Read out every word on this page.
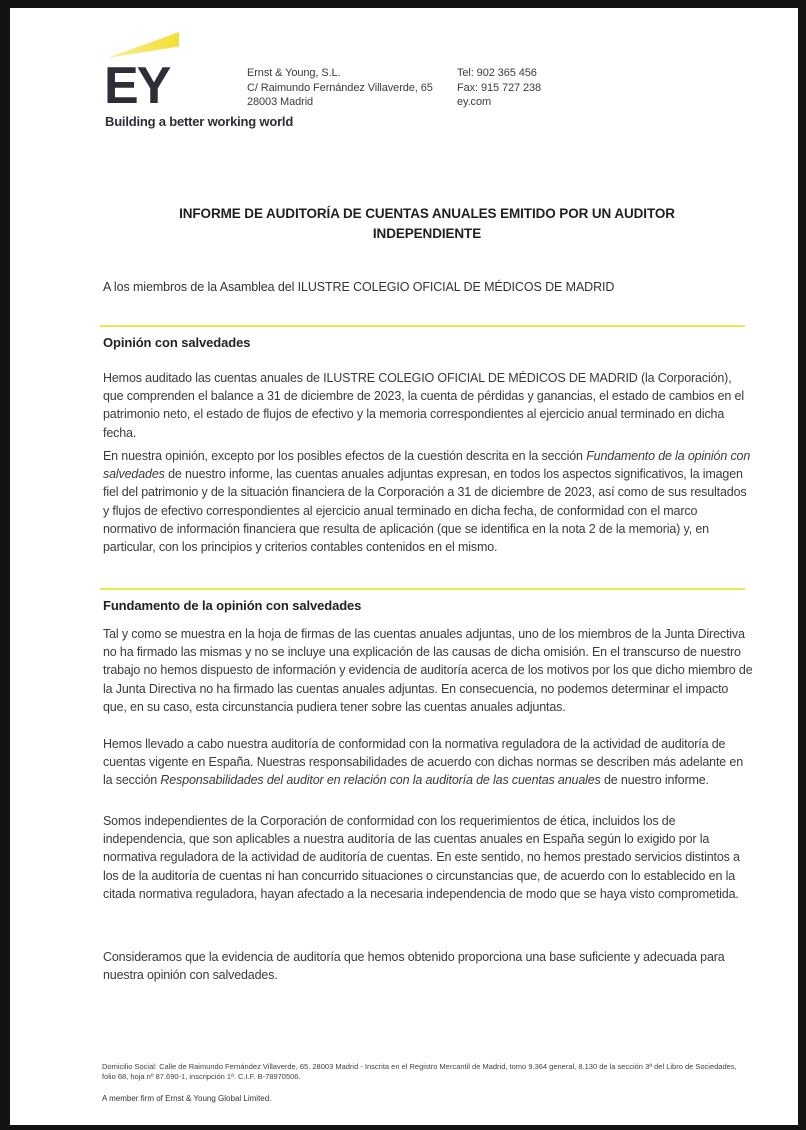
EY
Building a better working world
Ernst & Young, S.L.
C/ Raimundo Fernández Villaverde, 65
28003 Madrid
Tel: 902 365 456
Fax: 915 727 238
ey.com
INFORME DE AUDITORÍA DE CUENTAS ANUALES EMITIDO POR UN AUDITOR INDEPENDIENTE
A los miembros de la Asamblea del ILUSTRE COLEGIO OFICIAL DE MÉDICOS DE MADRID
Opinión con salvedades
Hemos auditado las cuentas anuales de ILUSTRE COLEGIO OFICIAL DE MÉDICOS DE MADRID (la Corporación), que comprenden el balance a 31 de diciembre de 2023, la cuenta de pérdidas y ganancias, el estado de cambios en el patrimonio neto, el estado de flujos de efectivo y la memoria correspondientes al ejercicio anual terminado en dicha fecha.
En nuestra opinión, excepto por los posibles efectos de la cuestión descrita en la sección Fundamento de la opinión con salvedades de nuestro informe, las cuentas anuales adjuntas expresan, en todos los aspectos significativos, la imagen fiel del patrimonio y de la situación financiera de la Corporación a 31 de diciembre de 2023, así como de sus resultados y flujos de efectivo correspondientes al ejercicio anual terminado en dicha fecha, de conformidad con el marco normativo de información financiera que resulta de aplicación (que se identifica en la nota 2 de la memoria) y, en particular, con los principios y criterios contables contenidos en el mismo.
Fundamento de la opinión con salvedades
Tal y como se muestra en la hoja de firmas de las cuentas anuales adjuntas, uno de los miembros de la Junta Directiva no ha firmado las mismas y no se incluye una explicación de las causas de dicha omisión. En el transcurso de nuestro trabajo no hemos dispuesto de información y evidencia de auditoría acerca de los motivos por los que dicho miembro de la Junta Directiva no ha firmado las cuentas anuales adjuntas. En consecuencia, no podemos determinar el impacto que, en su caso, esta circunstancia pudiera tener sobre las cuentas anuales adjuntas.
Hemos llevado a cabo nuestra auditoría de conformidad con la normativa reguladora de la actividad de auditoría de cuentas vigente en España. Nuestras responsabilidades de acuerdo con dichas normas se describen más adelante en la sección Responsabilidades del auditor en relación con la auditoría de las cuentas anuales de nuestro informe.
Somos independientes de la Corporación de conformidad con los requerimientos de ética, incluidos los de independencia, que son aplicables a nuestra auditoría de las cuentas anuales en España según lo exigido por la normativa reguladora de la actividad de auditoría de cuentas. En este sentido, no hemos prestado servicios distintos a los de la auditoría de cuentas ni han concurrido situaciones o circunstancias que, de acuerdo con lo establecido en la citada normativa reguladora, hayan afectado a la necesaria independencia de modo que se haya visto comprometida.
Consideramos que la evidencia de auditoría que hemos obtenido proporciona una base suficiente y adecuada para nuestra opinión con salvedades.
Domicilio Social: Calle de Raimundo Fernández Villaverde, 65. 28003 Madrid - Inscrita en el Registro Mercantil de Madrid, tomo 9.364 general, 8.130 de la sección 3ª del Libro de Sociedades, folio 68, hoja nº 87.690-1, inscripción 1ª. C.I.F. B-78970506.
A member firm of Ernst & Young Global Limited.
